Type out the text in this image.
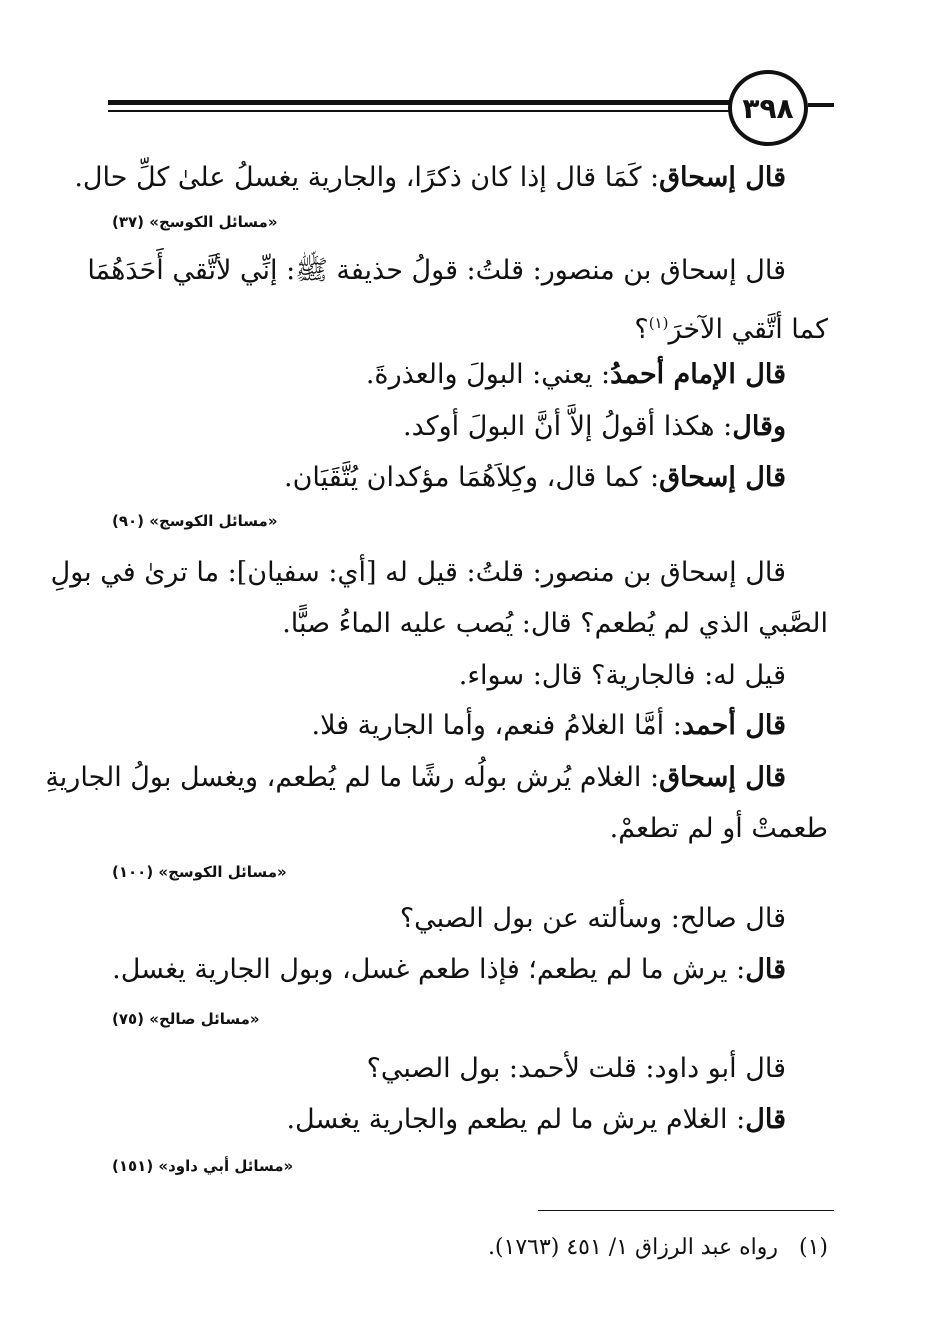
٣٩٨
قال إسحاق: كَمَا قال إذا كان ذكرًا، والجارية يغسلُ علىٰ كلِّ حال.
«مسائل الكوسج» (٣٧)
قال إسحاق بن منصور: قلتُ: قولُ حذيفة ﷺ: إنِّي لأتَّقي أَحَدَهُمَا
كما أتَّقي الآخرَ$^{(١)}$؟
قال الإمام أحمدُ: يعني: البولَ والعذرةَ.
وقال: هكذا أقولُ إلاَّ أنَّ البولَ أوكد.
قال إسحاق: كما قال، وكِلاَهُمَا مؤكدان يُتَّقَيَان.
«مسائل الكوسج» (٩٠)
قال إسحاق بن منصور: قلتُ: قيل له [أي: سفيان]: ما ترىٰ في بولِ
الصَّبي الذي لم يُطعم؟ قال: يُصب عليه الماءُ صبًّا.
قيل له: فالجارية؟ قال: سواء.
قال أحمد: أمَّا الغلامُ فنعم، وأما الجارية فلا.
قال إسحاق: الغلام يُرش بولُه رشًا ما لم يُطعم، ويغسل بولُ الجاريةِ
طعمتْ أو لم تطعمْ.
«مسائل الكوسج» (١٠٠)
قال صالح: وسألته عن بول الصبي؟
قال: يرش ما لم يطعم؛ فإذا طعم غسل، وبول الجارية يغسل.
«مسائل صالح» (٧٥)
قال أبو داود: قلت لأحمد: بول الصبي؟
قال: الغلام يرش ما لم يطعم والجارية يغسل.
«مسائل أبي داود» (١٥١)
(١)   رواه عبد الرزاق ١/ ٤٥١ (١٧٦٣).
